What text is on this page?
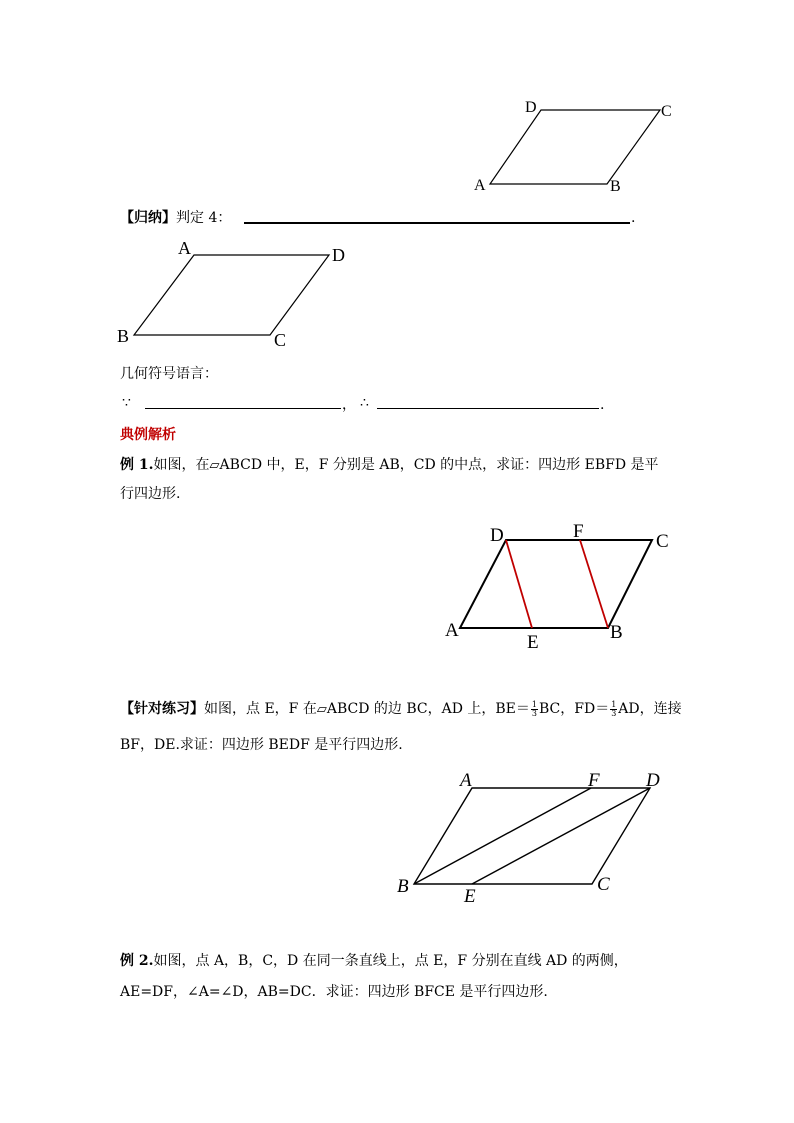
D	C
A	B
【归纳】判定 4：	.
A	D
B	C
几何符号语言：
∵	， ∴	.
典例解析
例 1.如图，在▱ABCD 中，E，F 分别是 AB，CD 的中点，求证：四边形 EBFD 是平
行四边形.
D	F	C
A
E	B
【针对练习】如图，点 E，F 在▱ABCD 的边 BC，AD 上，$BE= \frac{1}{3}$ BC，$FD= \frac{1}{3}$ AD，连接
BF，DE.求证：四边形 BEDF 是平行四边形.
A	F D
B	E
C
例 2.如图，点 A，B，C，D 在同一条直线上，点 E，F 分别在直线 AD 的两侧，
AE=DF，∠A=∠D，AB=DC．求证：四边形 BFCE 是平行四边形.
